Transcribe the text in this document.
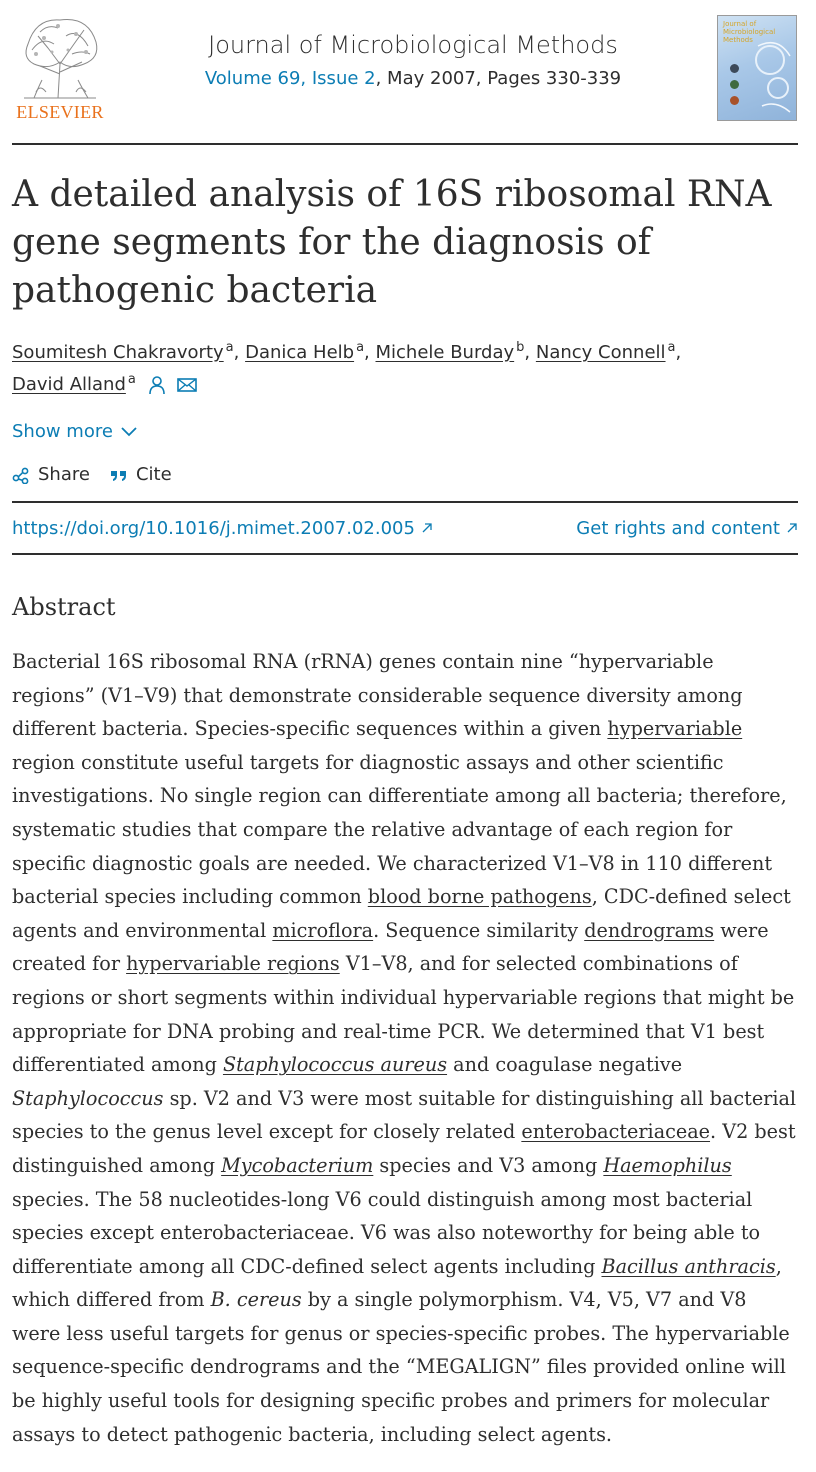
ELSEVIER
Journal of Microbiological Methods
Volume 69, Issue 2, May 2007, Pages 330-339
Journal of Microbiological Methods
A detailed analysis of 16S ribosomal RNA gene segments for the diagnosis of pathogenic bacteria
Soumitesh Chakravorty $^a$, Danica Helb $^a$, Michele Burday $^b$, Nancy Connell $^a$,
David Alland $^a$
Show more
Share	Cite
https://doi.org/10.1016/j.mimet.2007.02.005	Get rights and content
Abstract

Bacterial 16S ribosomal RNA (rRNA) genes contain nine “hypervariable regions” (V1–V9) that demonstrate considerable sequence diversity among different bacteria. Species-specific sequences within a given hypervariable region constitute useful targets for diagnostic assays and other scientific investigations. No single region can differentiate among all bacteria; therefore, systematic studies that compare the relative advantage of each region for specific diagnostic goals are needed. We characterized V1–V8 in 110 different bacterial species including common blood borne pathogens, CDC-defined select agents and environmental microflora. Sequence similarity dendrograms were created for hypervariable regions V1–V8, and for selected combinations of regions or short segments within individual hypervariable regions that might be appropriate for DNA probing and real-time PCR. We determined that V1 best differentiated among Staphylococcus aureus and coagulase negative Staphylococcus sp. V2 and V3 were most suitable for distinguishing all bacterial species to the genus level except for closely related enterobacteriaceae. V2 best distinguished among Mycobacterium species and V3 among Haemophilus species. The 58 nucleotides-long V6 could distinguish among most bacterial species except enterobacteriaceae. V6 was also noteworthy for being able to differentiate among all CDC-defined select agents including Bacillus anthracis, which differed from B. cereus by a single polymorphism. V4, V5, V7 and V8 were less useful targets for genus or species-specific probes. The hypervariable sequence-specific dendrograms and the “MEGALIGN” files provided online will be highly useful tools for designing specific probes and primers for molecular assays to detect pathogenic bacteria, including select agents.
